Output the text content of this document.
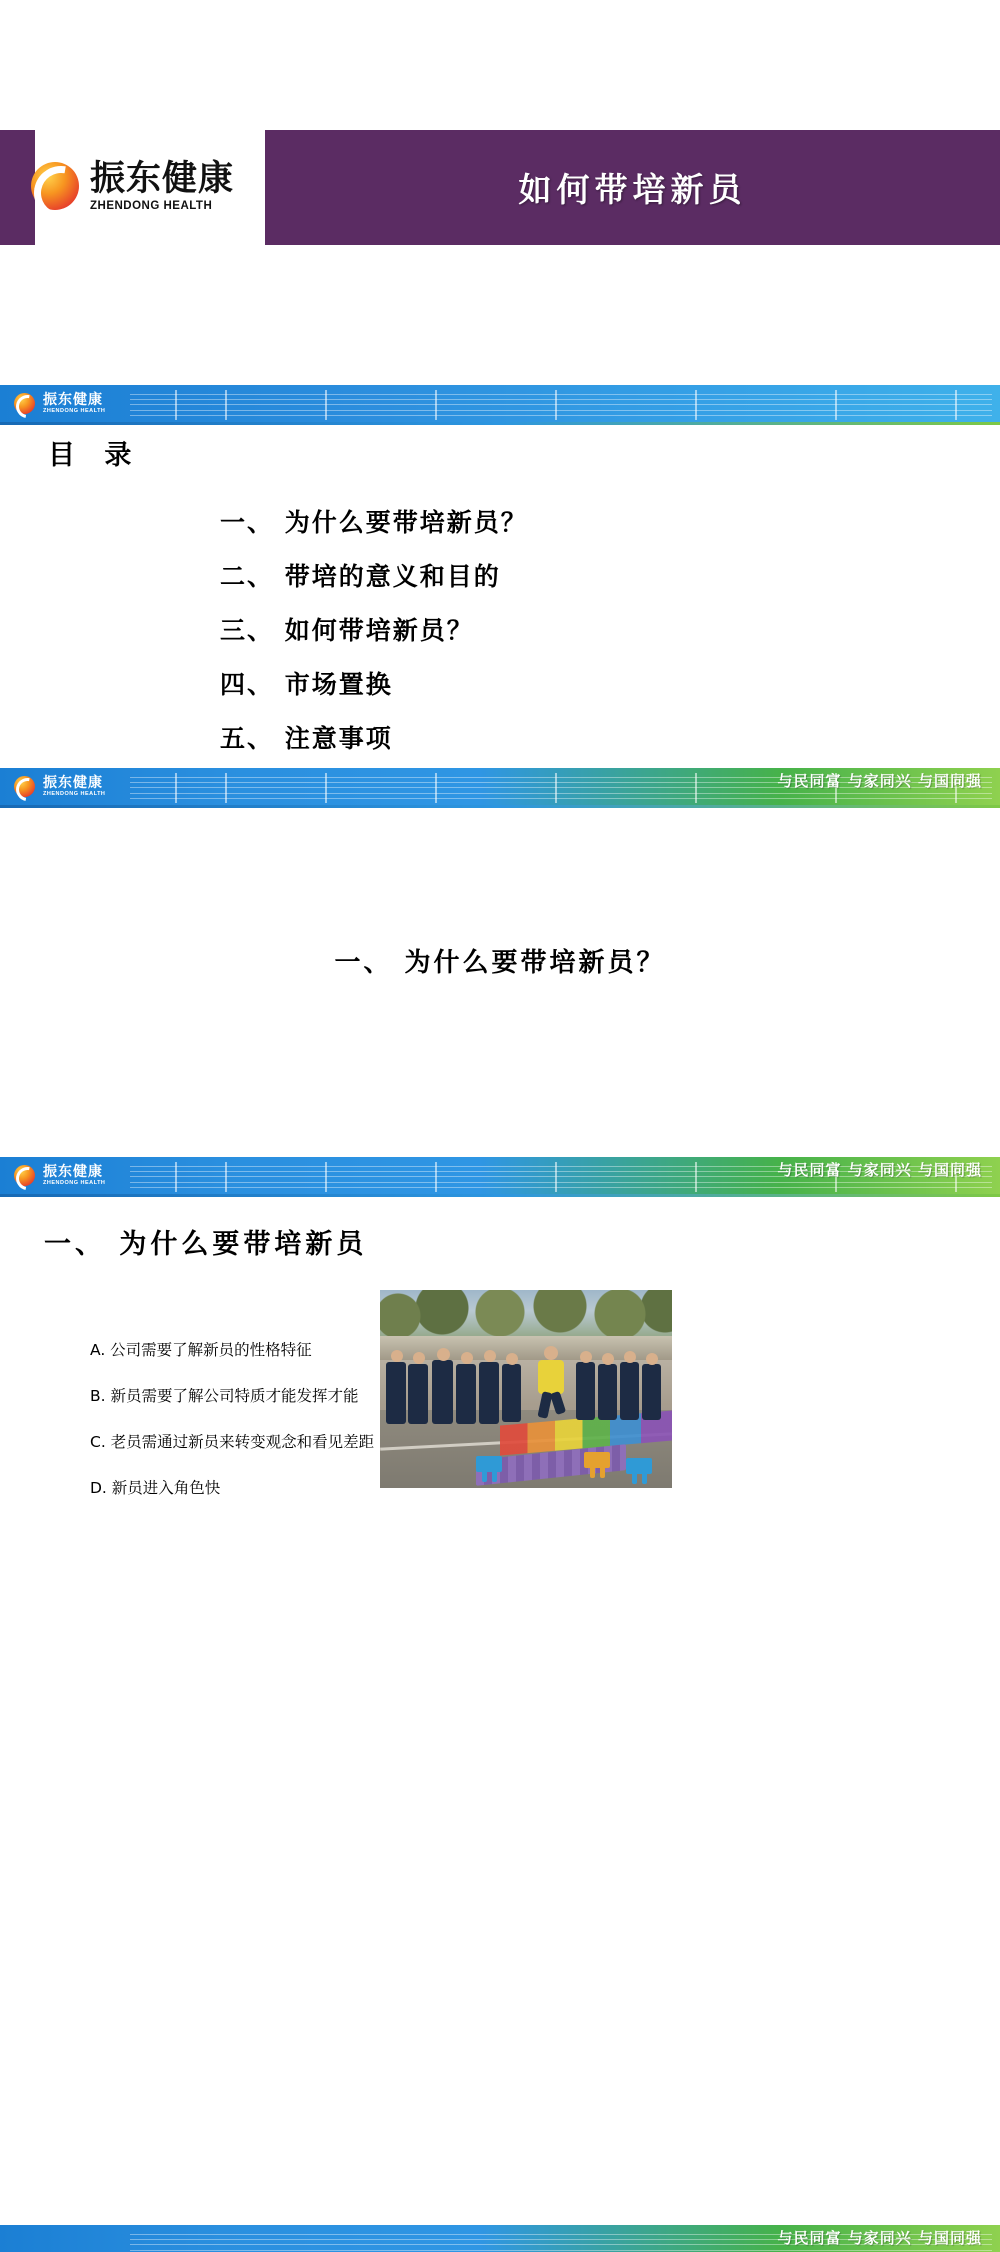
振东健康
ZHENDONG HEALTH	如何带培新员
振东健康
ZHENDONG HEALTH
目 录
一、 为什么要带培新员？
二、 带培的意义和目的
三、 如何带培新员？
四、 市场置换
五、 注意事项
振东健康
ZHENDONG HEALTH
与民同富 与家同兴 与国同强
一、 为什么要带培新员？
振东健康
ZHENDONG HEALTH
与民同富 与家同兴 与国同强
一、 为什么要带培新员
A. 公司需要了解新员的性格特征
B. 新员需要了解公司特质才能发挥才能
C. 老员需通过新员来转变观念和看见差距
D. 新员进入角色快
与民同富 与家同兴 与国同强
